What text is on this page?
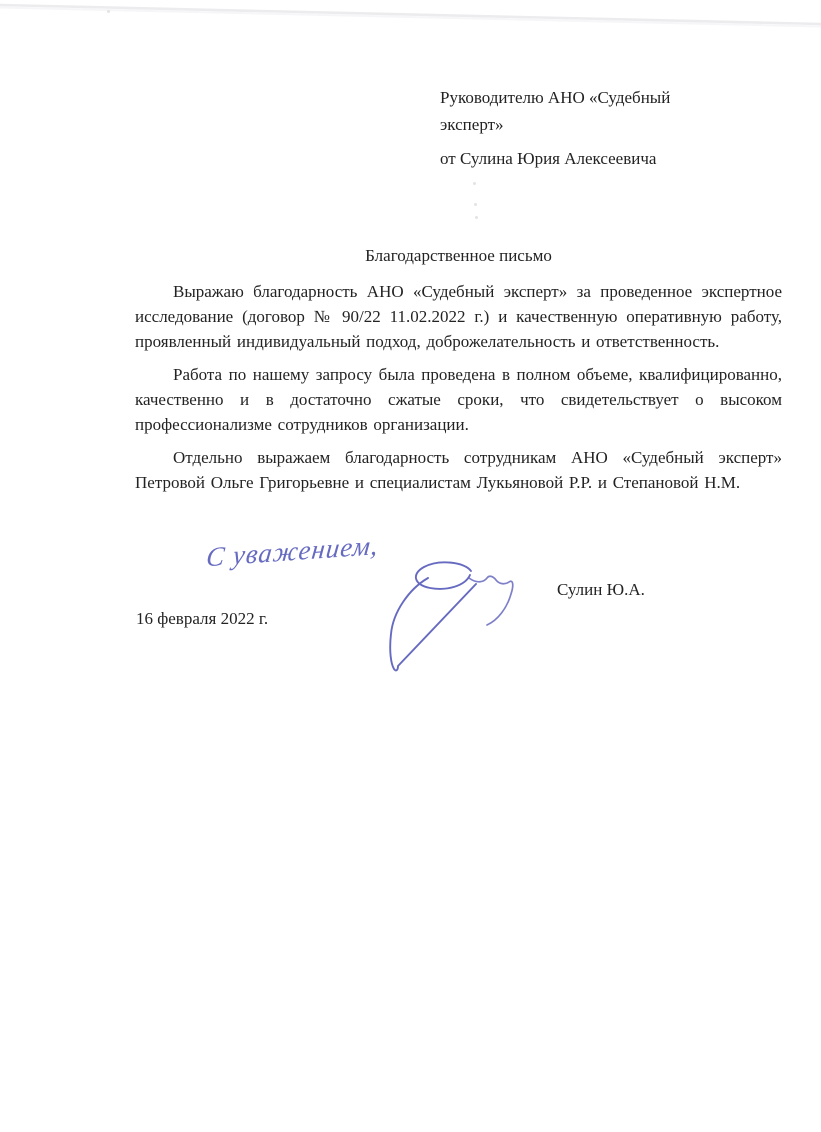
Руководителю АНО «Судебный
эксперт»

от Сулина Юрия Алексеевича

Благодарственное письмо

Выражаю благодарность АНО «Судебный эксперт» за проведенное экспертное исследование (договор № 90/22 11.02.2022 г.) и качественную оперативную работу, проявленный индивидуальный подход, доброжелательность и ответственность.

Работа по нашему запросу была проведена в полном объеме, квалифицированно, качественно и в достаточно сжатые сроки, что свидетельствует о высоком профессионализме сотрудников организации.

Отдельно выражаем благодарность сотрудникам АНО «Судебный эксперт» Петровой Ольге Григорьевне и специалистам Лукьяновой Р.Р. и Степановой Н.М.

С уважением,
Сулин Ю.А.
16 февраля 2022 г.
